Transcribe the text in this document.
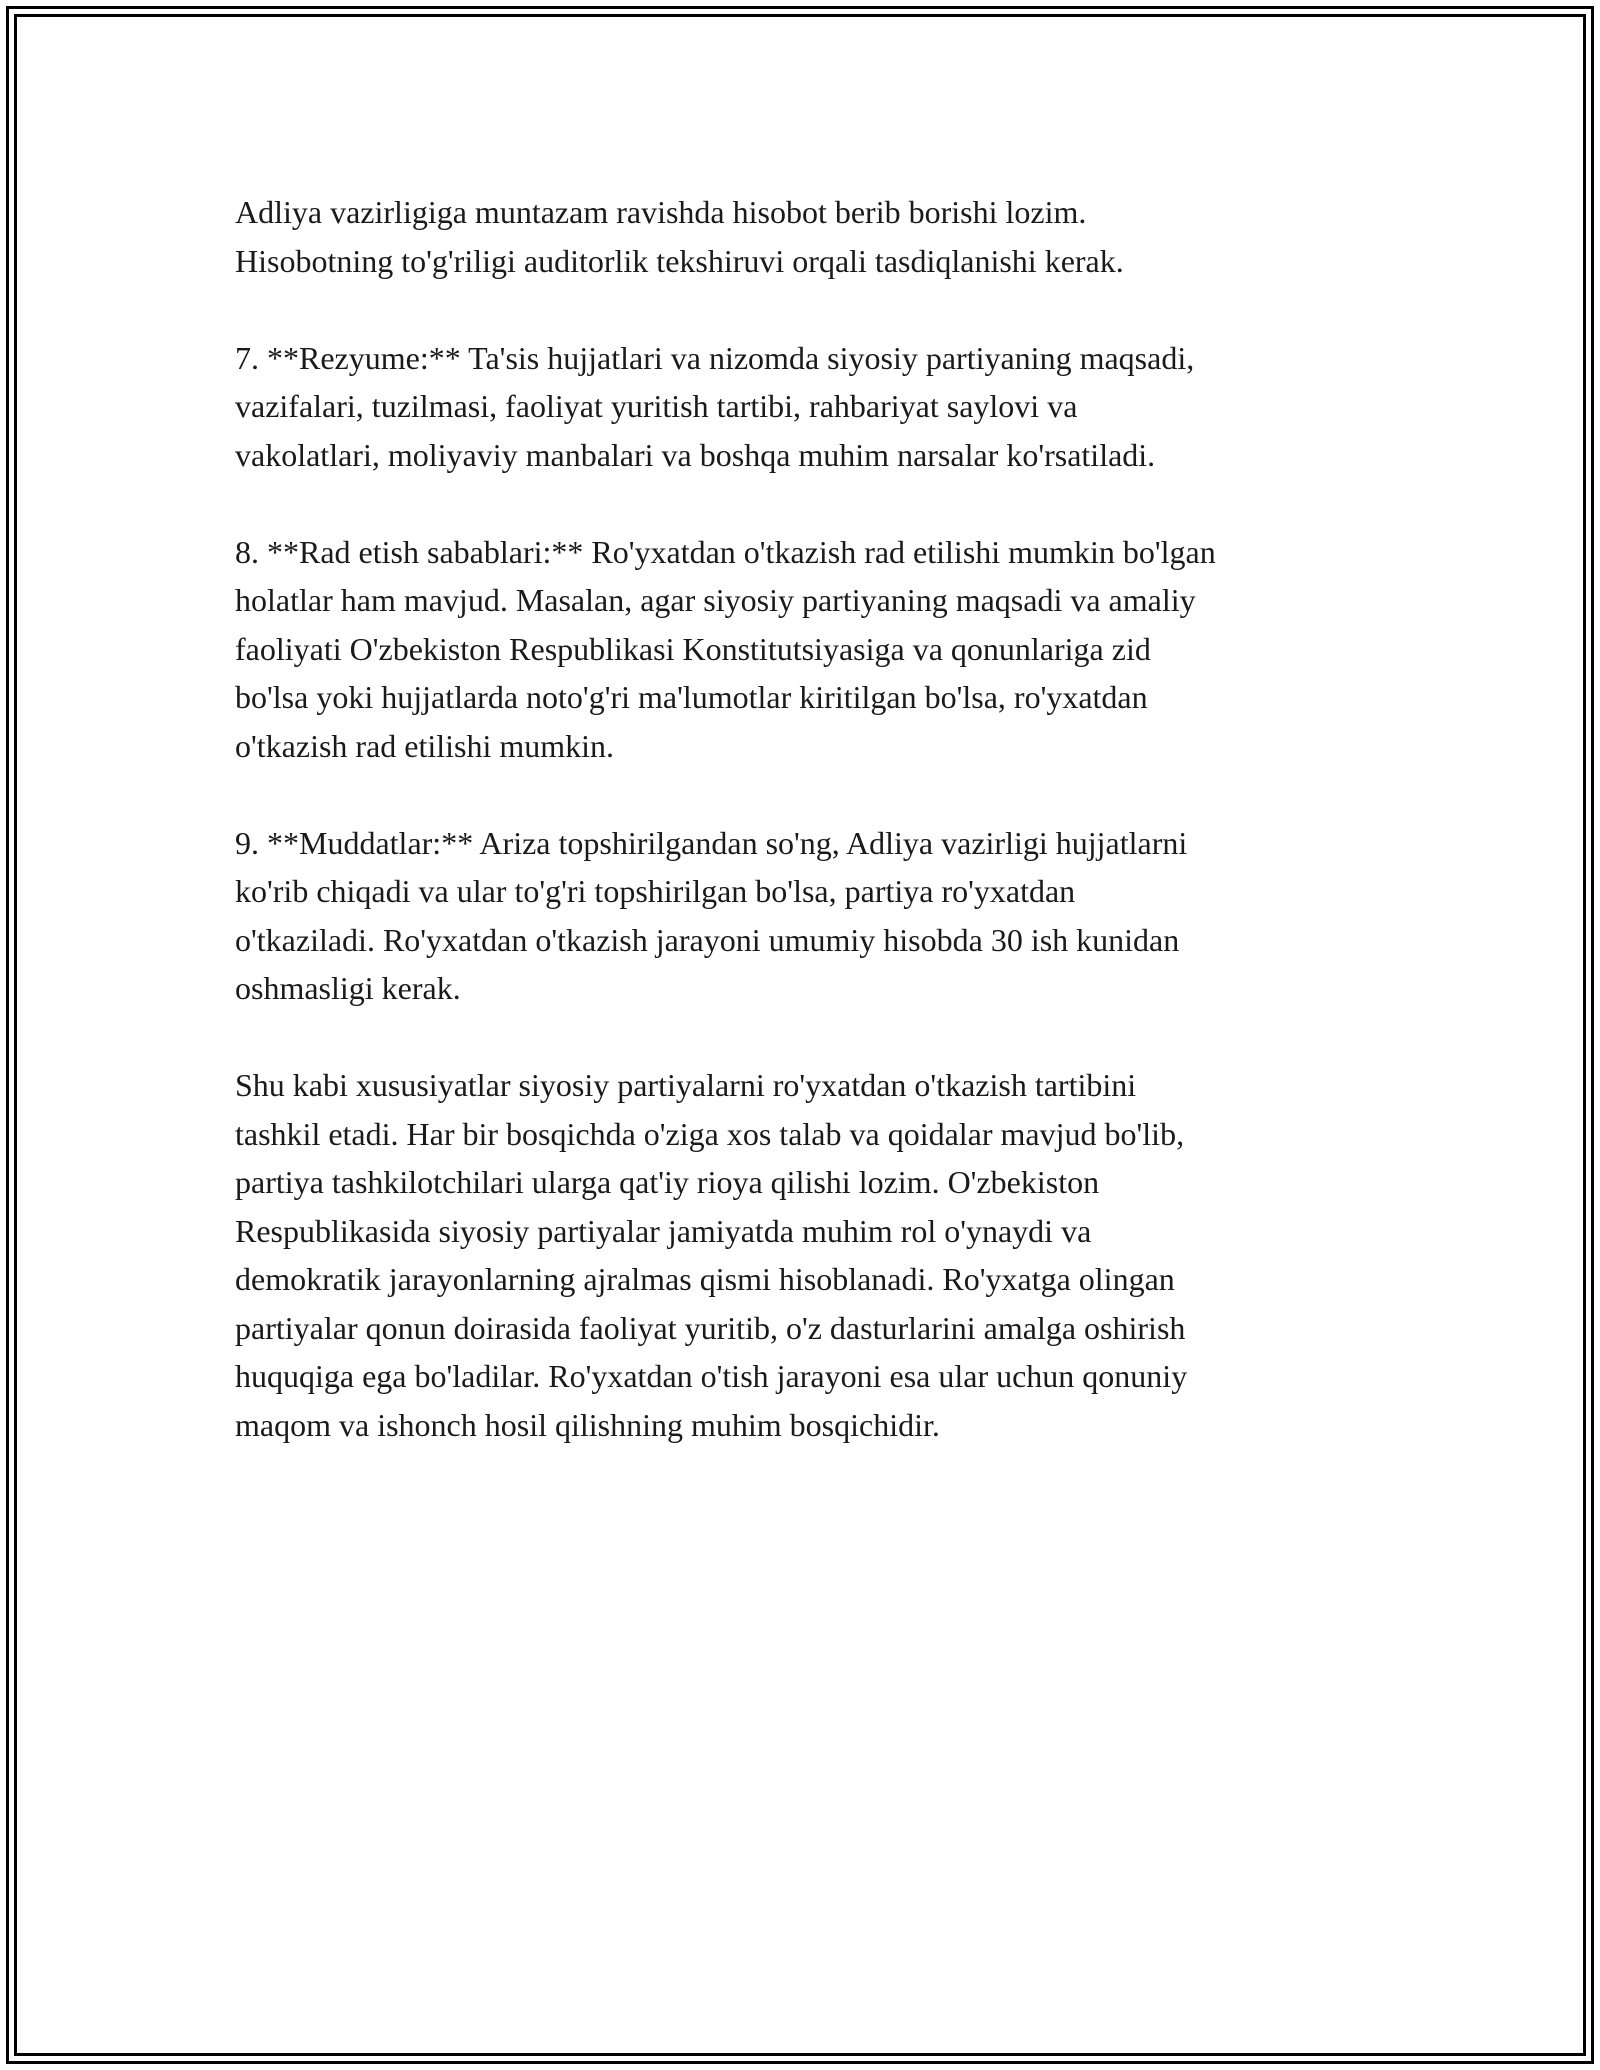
Adliya vazirligiga muntazam ravishda hisobot berib borishi lozim.
Hisobotning to'g'riligi auditorlik tekshiruvi orqali tasdiqlanishi kerak.

7. **Rezyume:** Ta'sis hujjatlari va nizomda siyosiy partiyaning maqsadi,
vazifalari, tuzilmasi, faoliyat yuritish tartibi, rahbariyat saylovi va
vakolatlari, moliyaviy manbalari va boshqa muhim narsalar ko'rsatiladi.

8. **Rad etish sabablari:** Ro'yxatdan o'tkazish rad etilishi mumkin bo'lgan
holatlar ham mavjud. Masalan, agar siyosiy partiyaning maqsadi va amaliy
faoliyati O'zbekiston Respublikasi Konstitutsiyasiga va qonunlariga zid
bo'lsa yoki hujjatlarda noto'g'ri ma'lumotlar kiritilgan bo'lsa, ro'yxatdan
o'tkazish rad etilishi mumkin.

9. **Muddatlar:** Ariza topshirilgandan so'ng, Adliya vazirligi hujjatlarni
ko'rib chiqadi va ular to'g'ri topshirilgan bo'lsa, partiya ro'yxatdan
o'tkaziladi. Ro'yxatdan o'tkazish jarayoni umumiy hisobda 30 ish kunidan
oshmasligi kerak.

Shu kabi xususiyatlar siyosiy partiyalarni ro'yxatdan o'tkazish tartibini
tashkil etadi. Har bir bosqichda o'ziga xos talab va qoidalar mavjud bo'lib,
partiya tashkilotchilari ularga qat'iy rioya qilishi lozim. O'zbekiston
Respublikasida siyosiy partiyalar jamiyatda muhim rol o'ynaydi va
demokratik jarayonlarning ajralmas qismi hisoblanadi. Ro'yxatga olingan
partiyalar qonun doirasida faoliyat yuritib, o'z dasturlarini amalga oshirish
huquqiga ega bo'ladilar. Ro'yxatdan o'tish jarayoni esa ular uchun qonuniy
maqom va ishonch hosil qilishning muhim bosqichidir.
